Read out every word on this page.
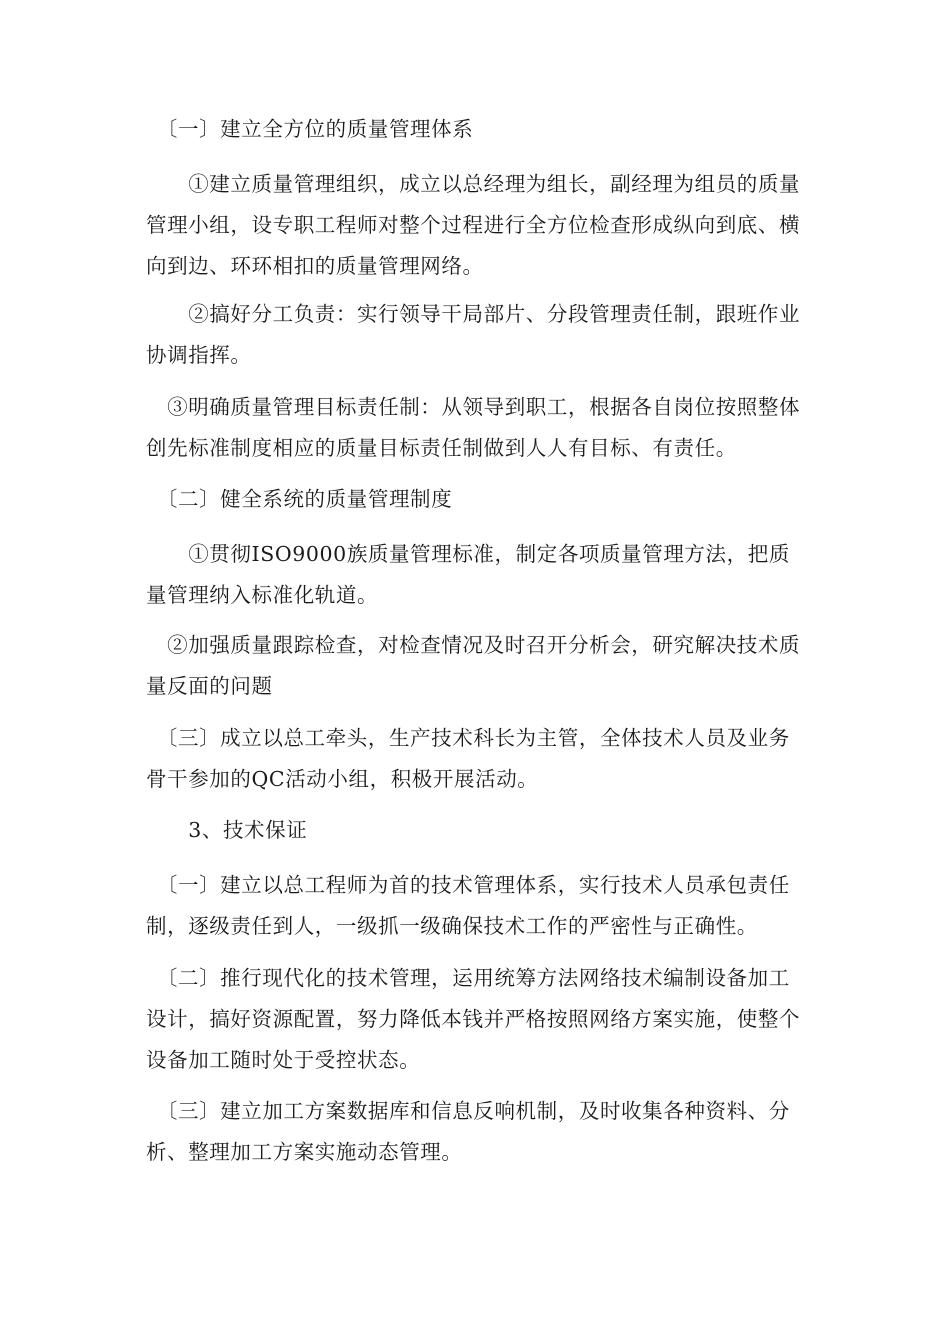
　〔一〕建立全方位的质量管理体系

　　①建立质量管理组织，成立以总经理为组长，副经理为组员的质量管理小组，设专职工程师对整个过程进行全方位检查形成纵向到底、横向到边、环环相扣的质量管理网络。

　　②搞好分工负责：实行领导干局部片、分段管理责任制，跟班作业协调指挥。

　③明确质量管理目标责任制：从领导到职工，根据各自岗位按照整体创先标准制度相应的质量目标责任制做到人人有目标、有责任。

　〔二〕健全系统的质量管理制度

　　①贯彻ISO9000族质量管理标准，制定各项质量管理方法，把质量管理纳入标准化轨道。

　②加强质量跟踪检查，对检查情况及时召开分析会，研究解决技术质量反面的问题

　〔三〕成立以总工牵头，生产技术科长为主管，全体技术人员及业务骨干参加的QC活动小组，积极开展活动。

　　3、技术保证

　〔一〕建立以总工程师为首的技术管理体系，实行技术人员承包责任制，逐级责任到人，一级抓一级确保技术工作的严密性与正确性。

　〔二〕推行现代化的技术管理，运用统筹方法网络技术编制设备加工设计，搞好资源配置，努力降低本钱并严格按照网络方案实施，使整个设备加工随时处于受控状态。

　〔三〕建立加工方案数据库和信息反响机制，及时收集各种资料、分析、整理加工方案实施动态管理。
